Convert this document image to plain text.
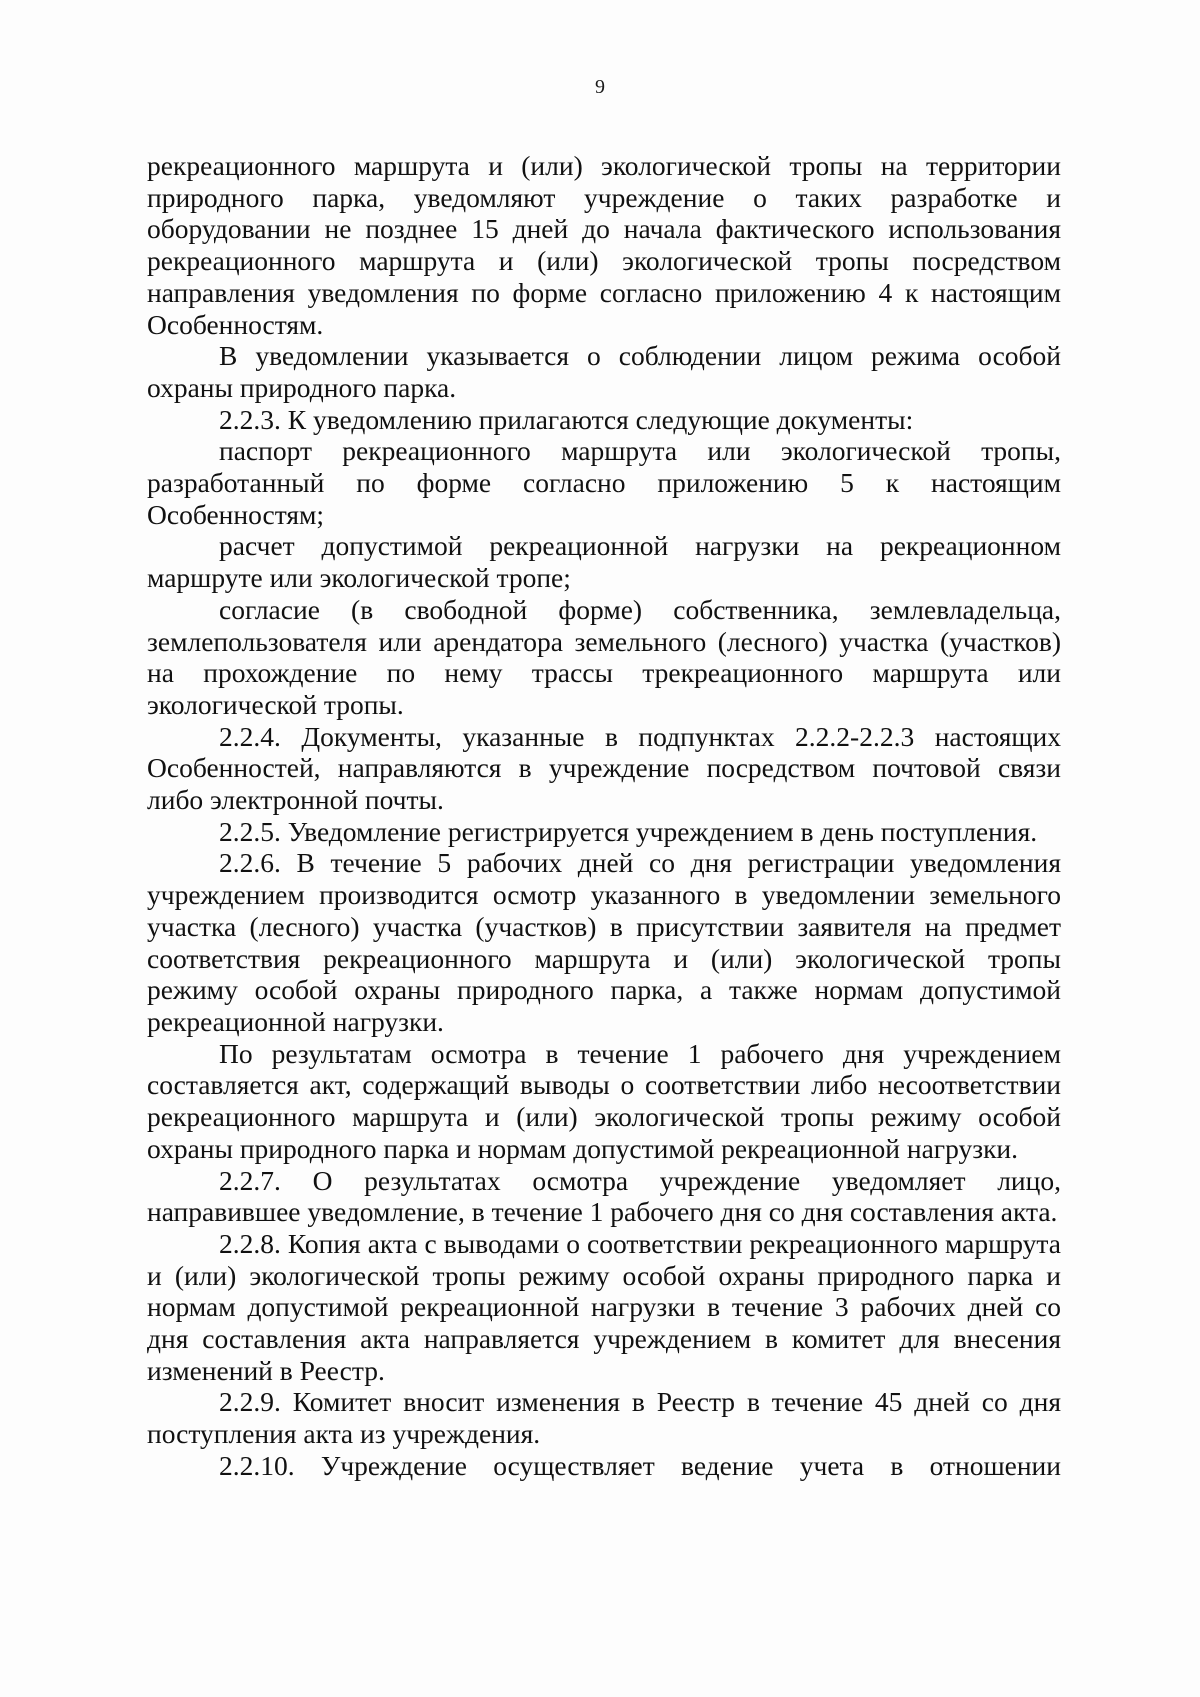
9

рекреационного маршрута и (или) экологической тропы на территории природного парка, уведомляют учреждение о таких разработке и оборудовании не позднее 15 дней до начала фактического использования рекреационного маршрута и (или) экологической тропы посредством направления уведомления по форме согласно приложению 4 к настоящим Особенностям.

В уведомлении указывается о соблюдении лицом режима особой охраны природного парка.

2.2.3. К уведомлению прилагаются следующие документы:

паспорт рекреационного маршрута или экологической тропы, разработанный по форме согласно приложению 5 к настоящим Особенностям;

расчет допустимой рекреационной нагрузки на рекреационном маршруте или экологической тропе;

согласие (в свободной форме) собственника, землевладельца, землепользователя или арендатора земельного (лесного) участка (участков) на прохождение по нему трассы трекреационного маршрута или экологической тропы.

2.2.4. Документы, указанные в подпунктах 2.2.2-2.2.3 настоящих Особенностей, направляются в учреждение посредством почтовой связи либо электронной почты.

2.2.5. Уведомление регистрируется учреждением в день поступления.

2.2.6. В течение 5 рабочих дней со дня регистрации уведомления учреждением производится осмотр указанного в уведомлении земельного участка (лесного) участка (участков) в присутствии заявителя на предмет соответствия рекреационного маршрута и (или) экологической тропы режиму особой охраны природного парка, а также нормам допустимой рекреационной нагрузки.

По результатам осмотра в течение 1 рабочего дня учреждением составляется акт, содержащий выводы о соответствии либо несоответствии рекреационного маршрута и (или) экологической тропы режиму особой охраны природного парка и нормам допустимой рекреационной нагрузки.

2.2.7. О результатах осмотра учреждение уведомляет лицо, направившее уведомление, в течение 1 рабочего дня со дня составления акта.

2.2.8. Копия акта с выводами о соответствии рекреационного маршрута и (или) экологической тропы режиму особой охраны природного парка и нормам допустимой рекреационной нагрузки в течение 3 рабочих дней со дня составления акта направляется учреждением в комитет для внесения изменений в Реестр.

2.2.9. Комитет вносит изменения в Реестр в течение 45 дней со дня поступления акта из учреждения.

2.2.10. Учреждение осуществляет ведение учета в отношении
